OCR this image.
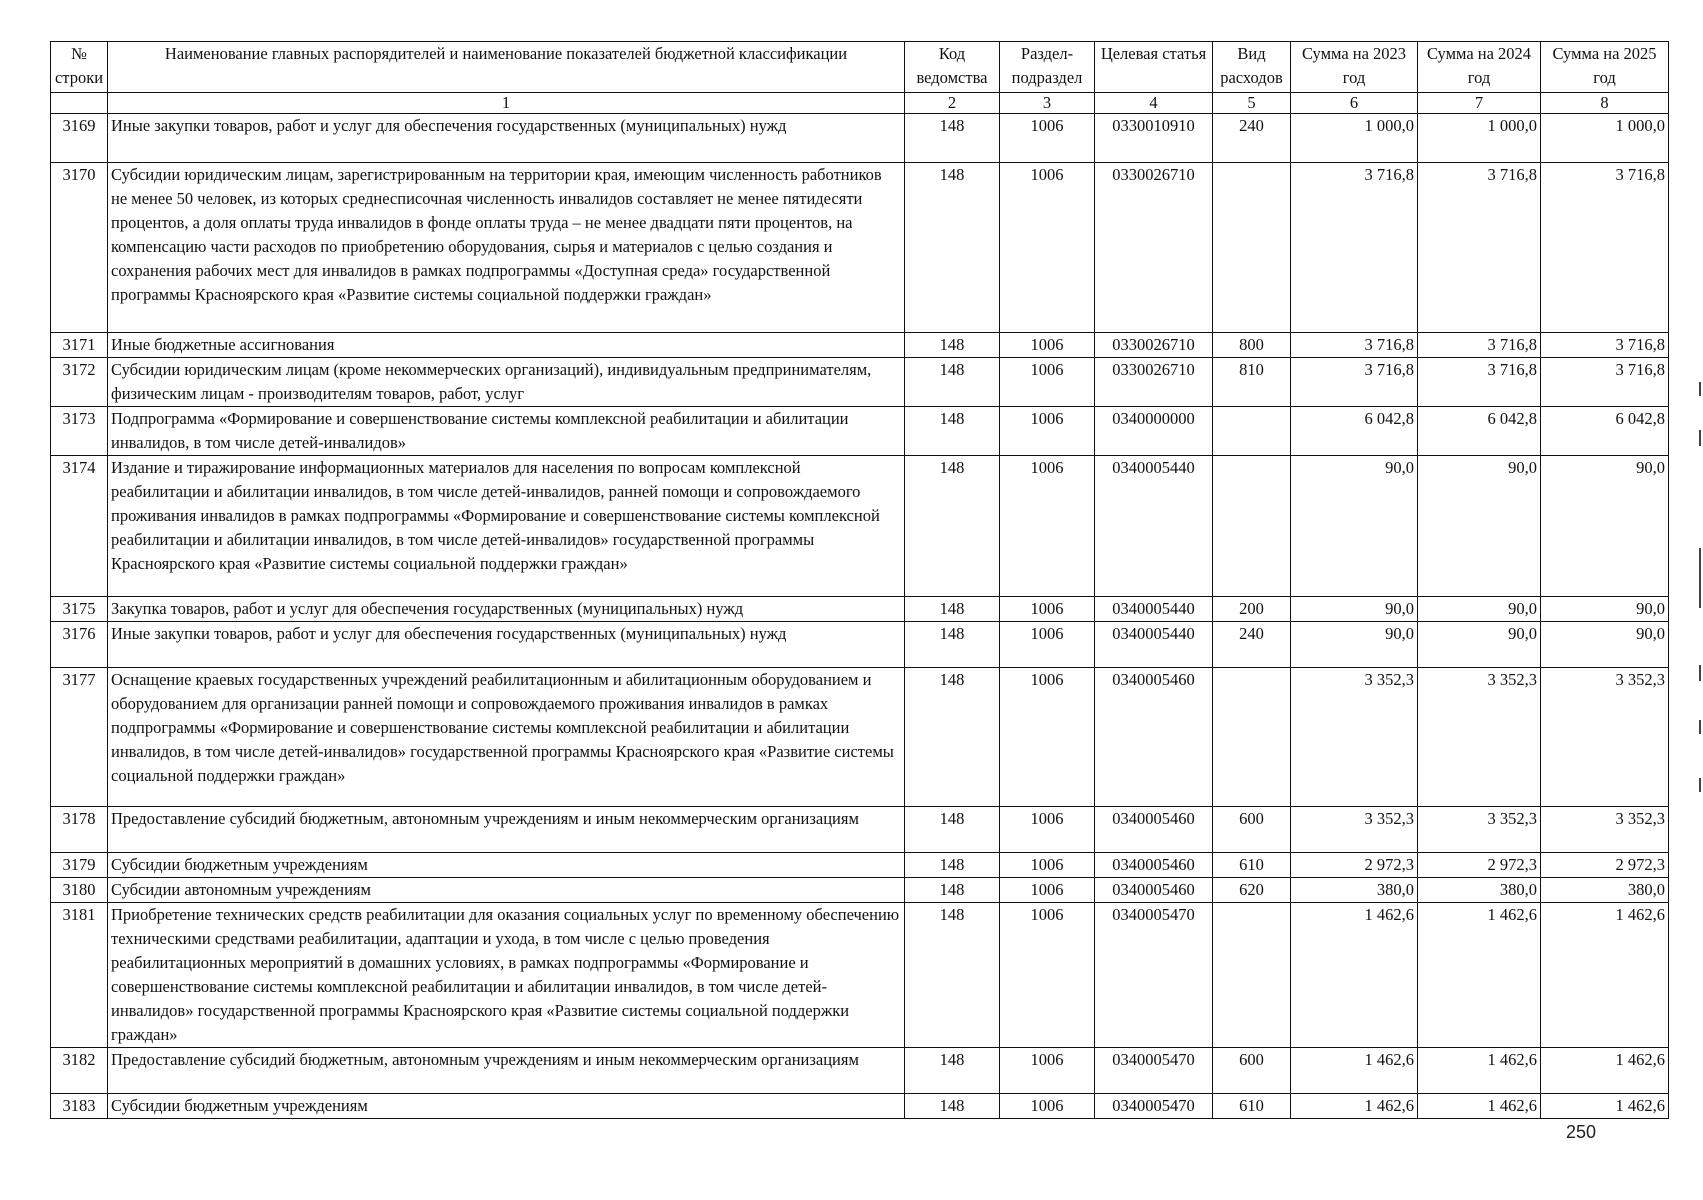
№ строки	Наименование главных распорядителей и наименование показателей бюджетной классификации	Код ведомства	Раздел-подраздел	Целевая статья	Вид расходов	Сумма на 2023 год	Сумма на 2024 год	Сумма на 2025 год
	1	2	3	4	5	6	7	8
3169	Иные закупки товаров, работ и услуг для обеспечения государственных (муниципальных) нужд	148	1006	0330010910	240	1 000,0	1 000,0	1 000,0
3170	Субсидии юридическим лицам, зарегистрированным на территории края, имеющим численность работников не менее 50 человек, из которых среднесписочная численность инвалидов составляет не менее пятидесяти процентов, а доля оплаты труда инвалидов в фонде оплаты труда – не менее двадцати пяти процентов, на компенсацию части расходов по приобретению оборудования, сырья и материалов с целью создания и сохранения рабочих мест для инвалидов в рамках подпрограммы «Доступная среда» государственной программы Красноярского края «Развитие системы социальной поддержки граждан»	148	1006	0330026710		3 716,8	3 716,8	3 716,8
3171	Иные бюджетные ассигнования	148	1006	0330026710	800	3 716,8	3 716,8	3 716,8
3172	Субсидии юридическим лицам (кроме некоммерческих организаций), индивидуальным предпринимателям, физическим лицам - производителям товаров, работ, услуг	148	1006	0330026710	810	3 716,8	3 716,8	3 716,8
3173	Подпрограмма «Формирование и совершенствование системы комплексной реабилитации и абилитации инвалидов, в том числе детей-инвалидов»	148	1006	0340000000		6 042,8	6 042,8	6 042,8
3174	Издание и тиражирование информационных материалов для населения по вопросам комплексной реабилитации и абилитации инвалидов, в том числе детей-инвалидов, ранней помощи и сопровождаемого проживания инвалидов в рамках подпрограммы «Формирование и совершенствование системы комплексной реабилитации и абилитации инвалидов, в том числе детей-инвалидов» государственной программы Красноярского края «Развитие системы социальной поддержки граждан»	148	1006	0340005440		90,0	90,0	90,0
3175	Закупка товаров, работ и услуг для обеспечения государственных (муниципальных) нужд	148	1006	0340005440	200	90,0	90,0	90,0
3176	Иные закупки товаров, работ и услуг для обеспечения государственных (муниципальных) нужд	148	1006	0340005440	240	90,0	90,0	90,0
3177	Оснащение краевых государственных учреждений реабилитационным и абилитационным оборудованием и оборудованием для организации ранней помощи и сопровождаемого проживания инвалидов в рамках подпрограммы «Формирование и совершенствование системы комплексной реабилитации и абилитации инвалидов, в том числе детей-инвалидов» государственной программы Красноярского края «Развитие системы социальной поддержки граждан»	148	1006	0340005460		3 352,3	3 352,3	3 352,3
3178	Предоставление субсидий бюджетным, автономным учреждениям и иным некоммерческим организациям	148	1006	0340005460	600	3 352,3	3 352,3	3 352,3
3179	Субсидии бюджетным учреждениям	148	1006	0340005460	610	2 972,3	2 972,3	2 972,3
3180	Субсидии автономным учреждениям	148	1006	0340005460	620	380,0	380,0	380,0
3181	Приобретение технических средств реабилитации для оказания социальных услуг по временному обеспечению техническими средствами реабилитации, адаптации и ухода, в том числе с целью проведения реабилитационных мероприятий в домашних условиях, в рамках подпрограммы «Формирование и совершенствование системы комплексной реабилитации и абилитации инвалидов, в том числе детей-инвалидов» государственной программы Красноярского края «Развитие системы социальной поддержки граждан»	148	1006	0340005470		1 462,6	1 462,6	1 462,6
3182	Предоставление субсидий бюджетным, автономным учреждениям и иным некоммерческим организациям	148	1006	0340005470	600	1 462,6	1 462,6	1 462,6
3183	Субсидии бюджетным учреждениям	148	1006	0340005470	610	1 462,6	1 462,6	1 462,6
250
